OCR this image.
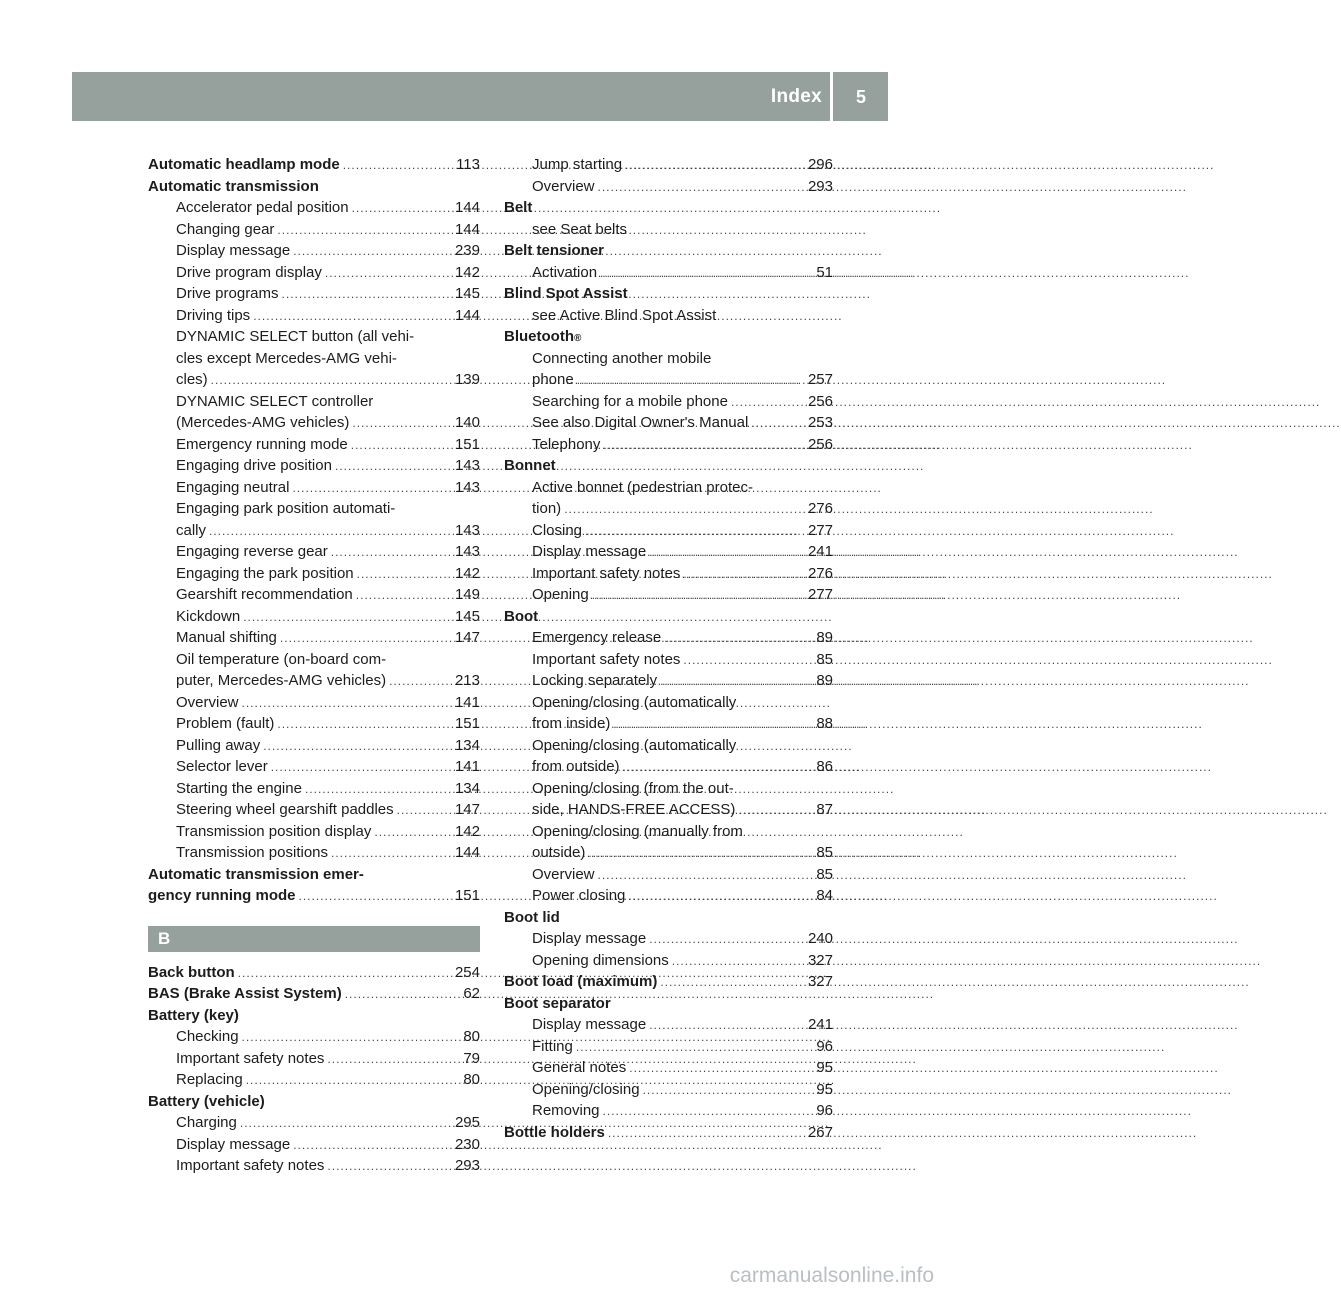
Index 5
Automatic headlamp mode .....	113
Automatic transmission
Accelerator pedal position .....	144
Changing gear .....	144
Display message .....	239
Drive program display .....	142
Drive programs .....	145
Driving tips .....	144
DYNAMIC SELECT button (all vehi-
cles except Mercedes-AMG vehi-
cles) .....	139
DYNAMIC SELECT controller
(Mercedes-AMG vehicles) .....	140
Emergency running mode .....	151
Engaging drive position .....	143
Engaging neutral .....	143
Engaging park position automati-
cally .....	143
Engaging reverse gear .....	143
Engaging the park position .....	142
Gearshift recommendation .....	149
Kickdown .....	145
Manual shifting .....	147
Oil temperature (on-board com-
puter, Mercedes-AMG vehicles) .....	213
Overview .....	141
Problem (fault) .....	151
Pulling away .....	134
Selector lever .....	141
Starting the engine .....	134
Steering wheel gearshift paddles .....	147
Transmission position display .....	142
Transmission positions .....	144
Automatic transmission emer-
gency running mode .....	151
B
Back button .....	254
BAS (Brake Assist System) .....	62
Battery (key)
Checking .....	80
Important safety notes .....	79
Replacing .....	80
Battery (vehicle)
Charging .....	295
Display message .....	230
Important safety notes .....	293
Jump starting .....	296
Overview .....	293
Belt
see Seat belts
Belt tensioner
Activation .....	51
Blind Spot Assist
see Active Blind Spot Assist
Bluetooth ®
Connecting another mobile
phone .....	257
Searching for a mobile phone .....	256
See also Digital Owner's Manual .....	253
Telephony .....	256
Bonnet
Active bonnet (pedestrian protec-
tion) .....	276
Closing .....	277
Display message .....	241
Important safety notes .....	276
Opening .....	277
Boot
Emergency release .....	89
Important safety notes .....	85
Locking separately .....	89
Opening/closing (automatically
from inside) .....	88
Opening/closing (automatically
from outside) .....	86
Opening/closing (from the out-
side, HANDS-FREE ACCESS) .....	87
Opening/closing (manually from
outside) .....	85
Overview .....	85
Power closing .....	84
Boot lid
Display message .....	240
Opening dimensions .....	327
Boot load (maximum) .....	327
Boot separator
Display message .....	241
Fitting .....	96
General notes .....	95
Opening/closing .....	95
Removing .....	96
Bottle holders .....	267
carmanualsonline.info
